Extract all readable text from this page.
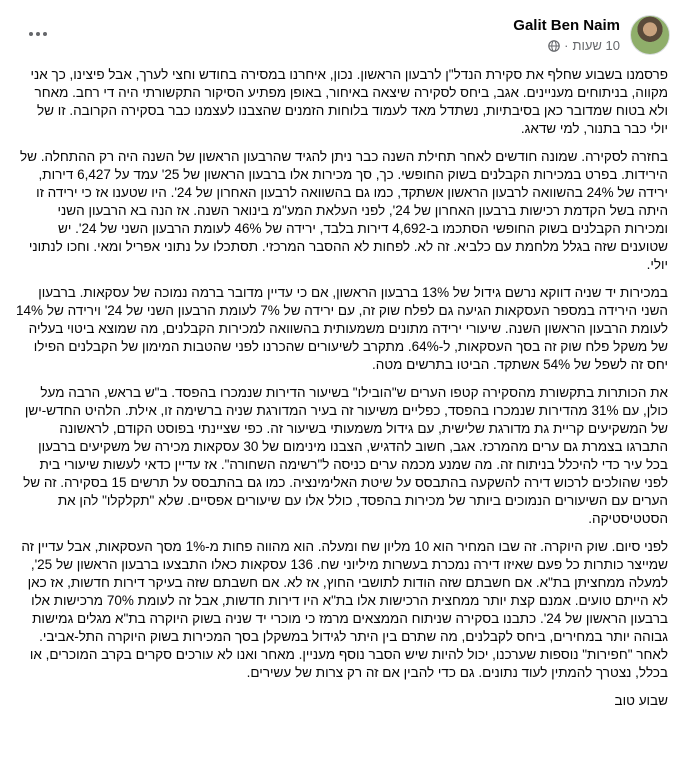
Galit Ben Naim
10 שעות
·

פרסמנו בשבוע שחלף את סקירת הנדל"ן לרבעון הראשון. נכון, איחרנו במסירה בחודש וחצי לערך, אבל פיצינו, כך אני מקווה, בניתוחים מעניינים. אגב, ביחס לסקירה שיצאה באיחור, באופן מפתיע הסיקור התקשורתי היה די רחב. מאחר ולא בטוח שמדובר כאן בסיבתיות, נשתדל מאד לעמוד בלוחות הזמנים שהצבנו לעצמנו כבר בסקירה הקרובה. זו של יולי כבר בתנור, למי שדאג.

בחזרה לסקירה. שמונה חודשים לאחר תחילת השנה כבר ניתן להגיד שהרבעון הראשון של השנה היה רק ההתחלה. של הירידות. בפרט במכירות הקבלנים בשוק החופשי. כך, סך מכירות אלו ברבעון הראשון של 25' עמד על 6,427 דירות, ירידה של 24% בהשוואה לרבעון הראשון אשתקד, כמו גם בהשוואה לרבעון האחרון של 24'. היו שטענו אז כי ירידה זו היתה בשל הקדמת רכישות ברבעון האחרון של 24', לפני העלאת המע"מ בינואר השנה. אז הנה בא הרבעון השני ומכירות הקבלנים בשוק החופשי הסתכמו ב-4,692 דירות בלבד, ירידה של 46% לעומת הרבעון השני של 24'. יש שטוענים שזה בגלל מלחמת עם כלביא. זה לא. לפחות לא ההסבר המרכזי. תסתכלו על נתוני אפריל ומאי. וחכו לנתוני יולי.

במכירות יד שניה דווקא נרשם גידול של 13% ברבעון הראשון, אם כי עדיין מדובר ברמה נמוכה של עסקאות. ברבעון השני הירידה במספר העסקאות הגיעה גם לפלח שוק זה, עם ירידה של 7% לעומת הרבעון השני של 24' וירידה של 14% לעומת הרבעון הראשון השנה. שיעורי ירידה מתונים משמעותית בהשוואה למכירות הקבלנים, מה שמוצא ביטוי בעליה של משקל פלח שוק זה בסך העסקאות, ל-64%. מתקרב לשיעורים שהכרנו לפני שהטבות המימון של הקבלנים הפילו יחס זה לשפל של 54% אשתקד. הביטו בתרשים מטה.

את הכותרות בתקשורת מהסקירה קטפו הערים ש"הובילו" בשיעור הדירות שנמכרו בהפסד. ב"ש בראש, הרבה מעל כולן, עם 31% מהדירות שנמכרו בהפסד, כפליים משיעור זה בעיר המדורגת שניה ברשימה זו, אילת. הלהיט החדש-ישן של המשקיעים קריית גת מדורגת שלישית, עם גידול משמעותי בשיעור זה. כפי שציינתי בפוסט הקודם, לראשונה התברגו בצמרת גם ערים מהמרכז. אגב, חשוב להדגיש, הצבנו מינימום של 30 עסקאות מכירה של משקיעים ברבעון בכל עיר כדי להיכלל בניתוח זה. מה שמנע מכמה ערים כניסה ל"רשימה השחורה". אז עדיין כדאי לעשות שיעורי בית לפני שהולכים לרכוש דירה להשקעה בהתבסס על שיטת האלימינציה. כמו גם בהתבסס על תרשים 15 בסקירה. זה של הערים עם השיעורים הנמוכים ביותר של מכירות בהפסד, כולל אלו עם שיעורים אפסיים. שלא "תקלקלו" להן את הסטטיסטיקה.

לפני סיום. שוק היוקרה. זה שבו המחיר הוא 10 מליון שח ומעלה. הוא מהווה פחות מ-1% מסך העסקאות, אבל עדיין זה שמייצר כותרות כל פעם שאיזו דירה נמכרת בעשרות מיליוני שח. 136 עסקאות כאלו התבצעו ברבעון הראשון של 25', למעלה ממחציתן בת"א. אם חשבתם שזה הודות לתושבי החוץ, אז לא. אם חשבתם שזה בעיקר דירות חדשות, אז כאן לא הייתם טועים. אמנם קצת יותר ממחצית הרכישות אלו בת"א היו דירות חדשות, אבל זה לעומת 70% מרכישות אלו ברבעון הראשון של 24'. כתבנו בסקירה שניתוח הממצאים מרמז כי מוכרי יד שניה בשוק היוקרה בת"א מגלים גמישות גבוהה יותר במחירים, ביחס לקבלנים, מה שתרם בין היתר לגידול במשקלן בסך המכירות בשוק היוקרה התל-אביבי. לאחר "חפירות" נוספות שערכנו, יכול להיות שיש הסבר נוסף מעניין. מאחר ואנו לא עורכים סקרים בקרב המוכרים, או בכלל, נצטרך להמתין לעוד נתונים. גם כדי להבין אם זה רק צרות של עשירים.

שבוע טוב
